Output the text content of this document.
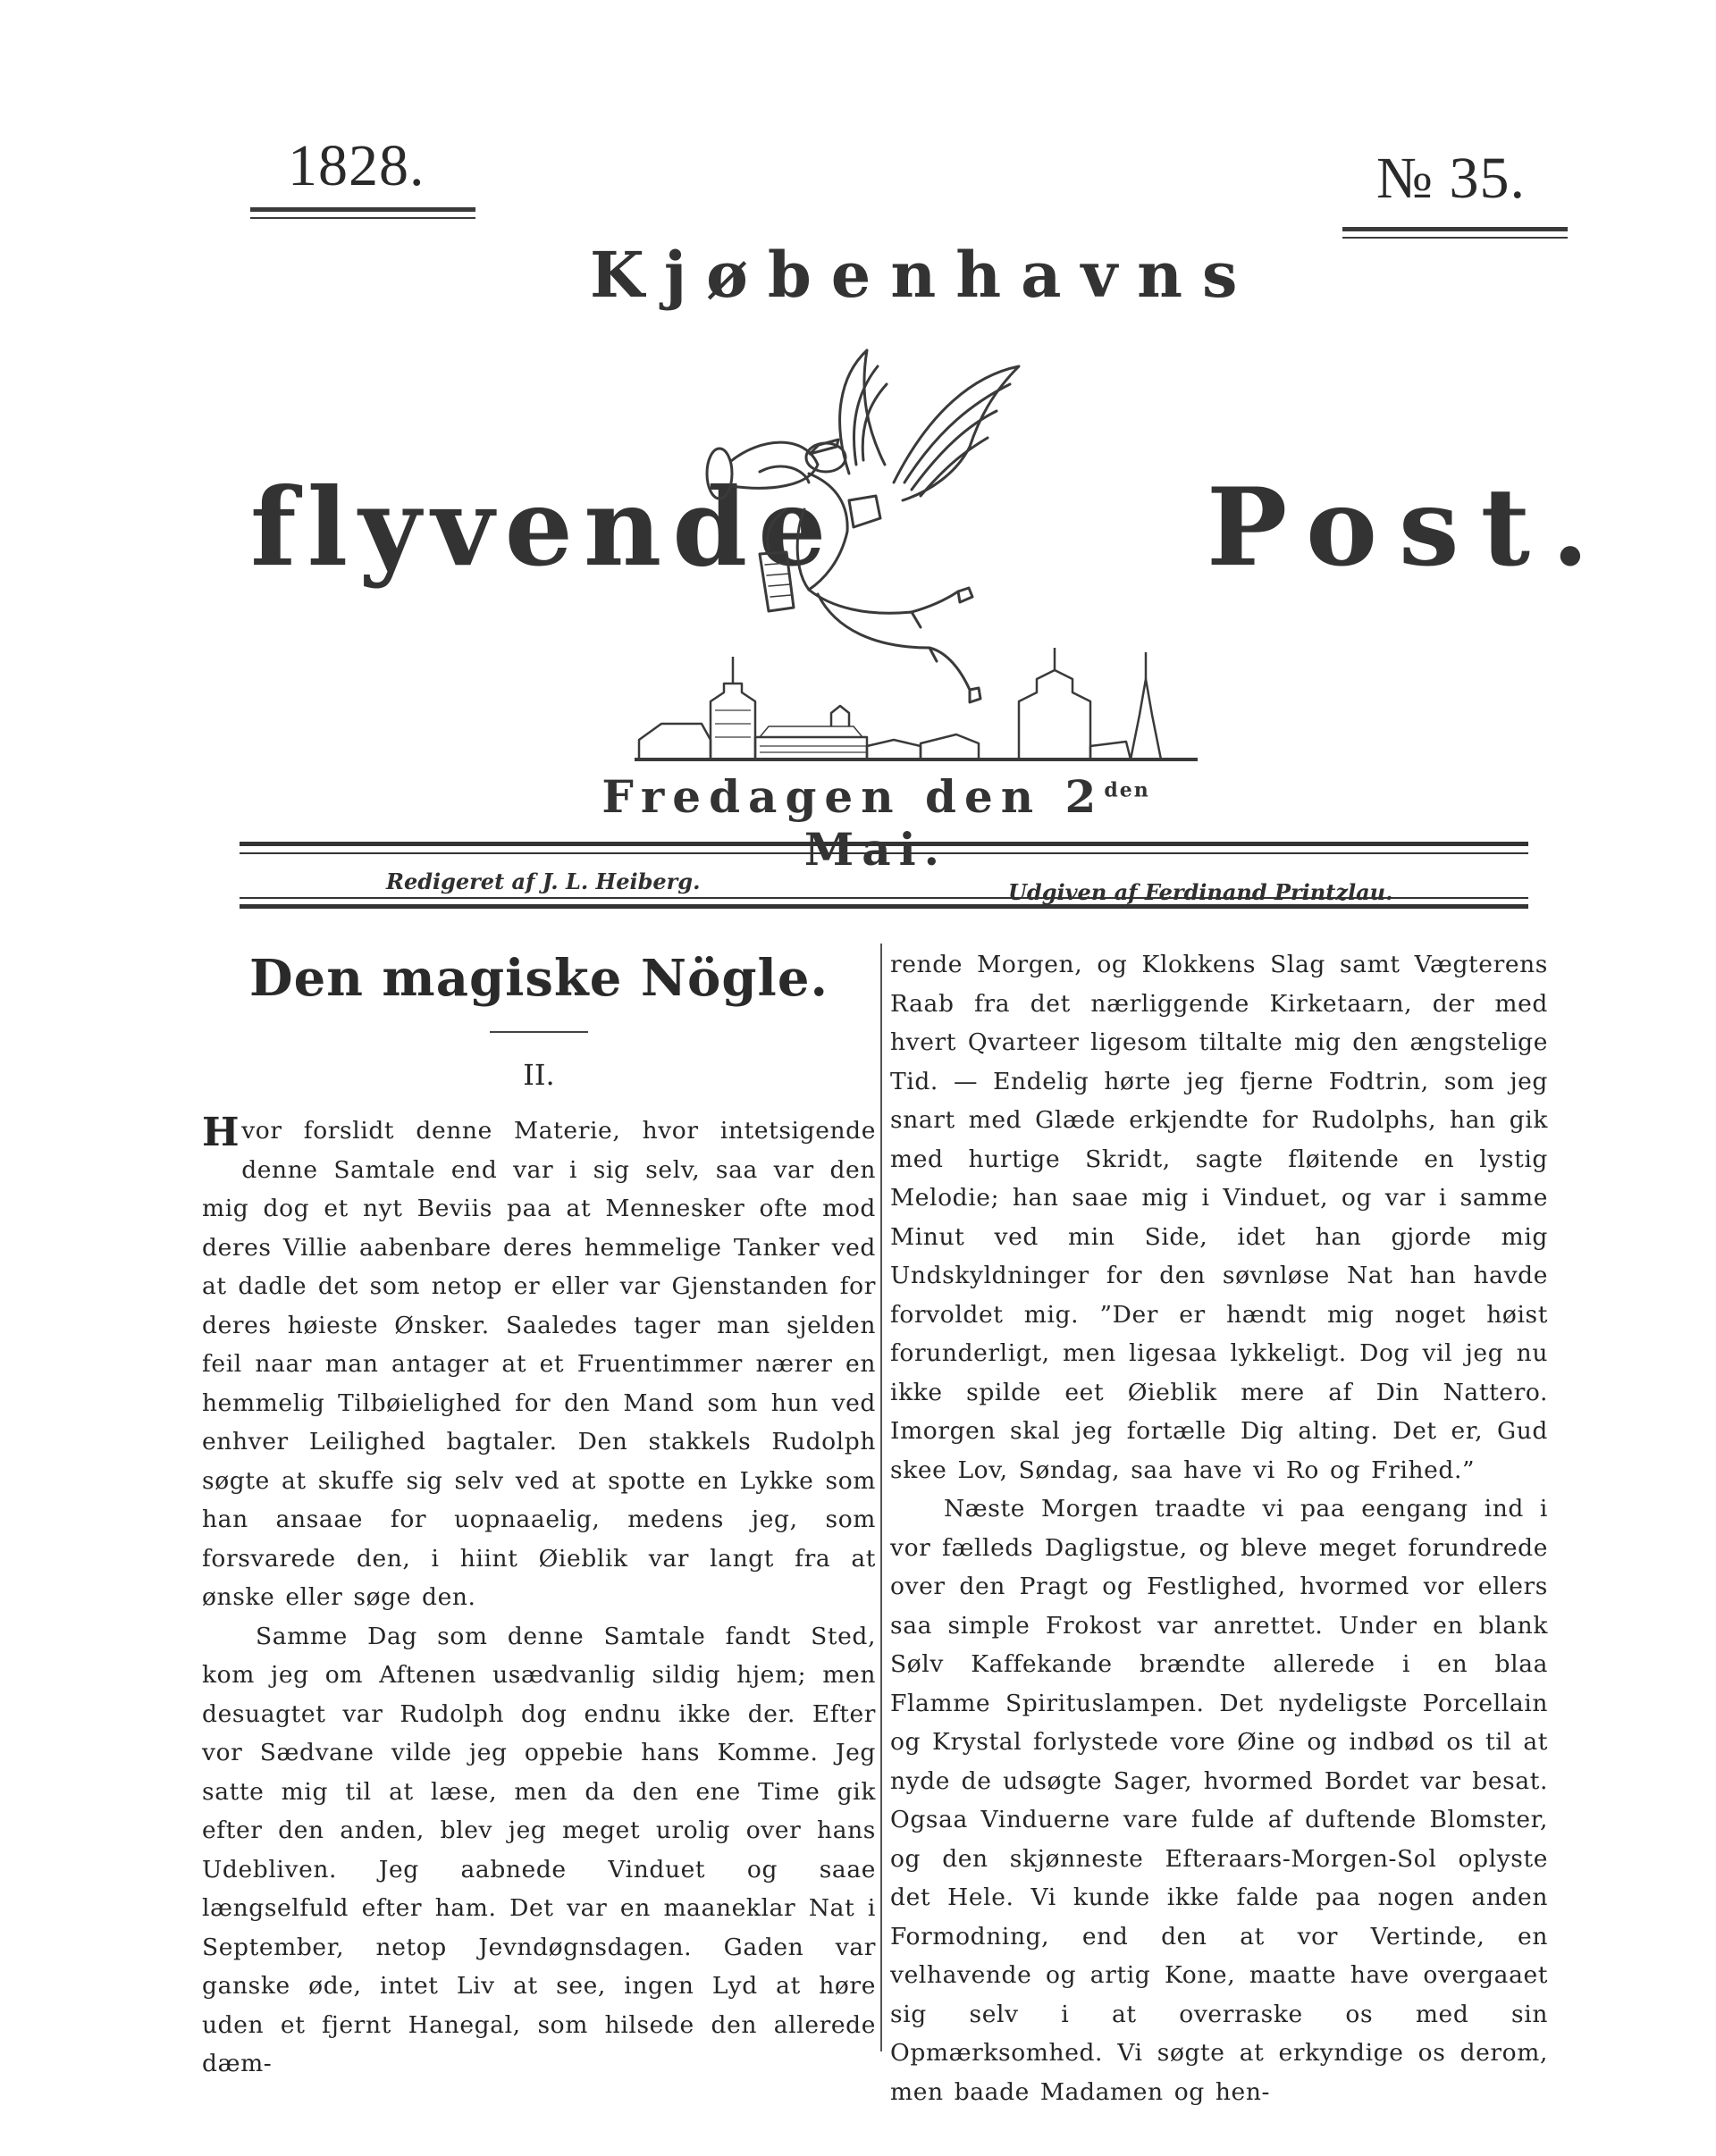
1828.	№ 35.
Kjøbenhavns
flyvende	Post.
Fredagen den $2^{den}$ Mai.
Redigeret af J. L. Heiberg.	Udgiven af Ferdinand Printzlau.
Den magiske Nögle.
II.

Hvor forslidt denne Materie, hvor intetsigende denne Samtale end var i sig selv, saa var den mig dog et nyt Beviis paa at Mennesker ofte mod deres Villie aabenbare deres hemmelige Tanker ved at dadle det som netop er eller var Gjenstanden for deres høieste Ønsker. Saaledes tager man sjelden feil naar man antager at et Fruentimmer nærer en hemmelig Tilbøielighed for den Mand som hun ved enhver Leilighed bagtaler. Den stakkels Rudolph søgte at skuffe sig selv ved at spotte en Lykke som han ansaae for uopnaaelig, medens jeg, som forsvarede den, i hiint Øieblik var langt fra at ønske eller søge den.

Samme Dag som denne Samtale fandt Sted, kom jeg om Aftenen usædvanlig sildig hjem; men desuagtet var Rudolph dog endnu ikke der. Efter vor Sædvane vilde jeg oppebie hans Komme. Jeg satte mig til at læse, men da den ene Time gik efter den anden, blev jeg meget urolig over hans Udebliven. Jeg aabnede Vinduet og saae længselfuld efter ham. Det var en maaneklar Nat i September, netop Jevndøgnsdagen. Gaden var ganske øde, intet Liv at see, ingen Lyd at høre uden et fjernt Hanegal, som hilsede den allerede dæm-

rende Morgen, og Klokkens Slag samt Vægterens Raab fra det nærliggende Kirketaarn, der med hvert Qvarteer ligesom tiltalte mig den ængstelige Tid. — Endelig hørte jeg fjerne Fodtrin, som jeg snart med Glæde erkjendte for Rudolphs, han gik med hurtige Skridt, sagte fløitende en lystig Melodie; han saae mig i Vinduet, og var i samme Minut ved min Side, idet han gjorde mig Undskyldninger for den søvnløse Nat han havde forvoldet mig. ”Der er hændt mig noget høist forunderligt, men ligesaa lykkeligt. Dog vil jeg nu ikke spilde eet Øieblik mere af Din Nattero. Imorgen skal jeg fortælle Dig alting. Det er, Gud skee Lov, Søndag, saa have vi Ro og Frihed.”

Næste Morgen traadte vi paa eengang ind i vor fælleds Dagligstue, og bleve meget forundrede over den Pragt og Festlighed, hvormed vor ellers saa simple Frokost var anrettet. Under en blank Sølv Kaffekande brændte allerede i en blaa Flamme Spirituslampen. Det nydeligste Porcellain og Krystal forlystede vore Øine og indbød os til at nyde de udsøgte Sager, hvormed Bordet var besat. Ogsaa Vinduerne vare fulde af duftende Blomster, og den skjønneste Efteraars-Morgen-Sol oplyste det Hele. Vi kunde ikke falde paa nogen anden Formodning, end den at vor Vertinde, en velhavende og artig Kone, maatte have overgaaet sig selv i at overraske os med sin Opmærksomhed. Vi søgte at erkyndige os derom, men baade Madamen og hen-
